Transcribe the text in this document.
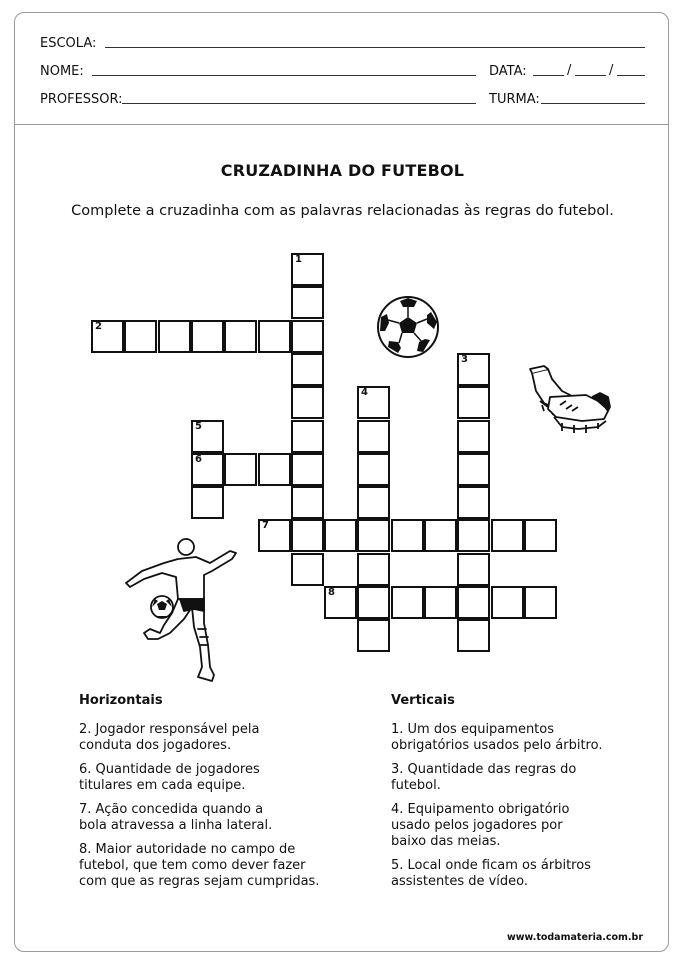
ESCOLA:
NOME:	DATA:	/	/
PROFESSOR:	TURMA:
CRUZADINHA DO FUTEBOL
Complete a cruzadinha com as palavras relacionadas às regras do futebol.
2
1
3
4
5
6
7
8
Horizontais	Verticais
2. Jogador responsável pela
conduta dos jogadores.
6. Quantidade de jogadores
titulares em cada equipe.
7. Ação concedida quando a
bola atravessa a linha lateral.
8. Maior autoridade no campo de
futebol, que tem como dever fazer
com que as regras sejam cumpridas.
1. Um dos equipamentos
obrigatórios usados pelo árbitro.
3. Quantidade das regras do
futebol.
4. Equipamento obrigatório
usado pelos jogadores por
baixo das meias.
5. Local onde ficam os árbitros
assistentes de vídeo.
www.todamateria.com.br
